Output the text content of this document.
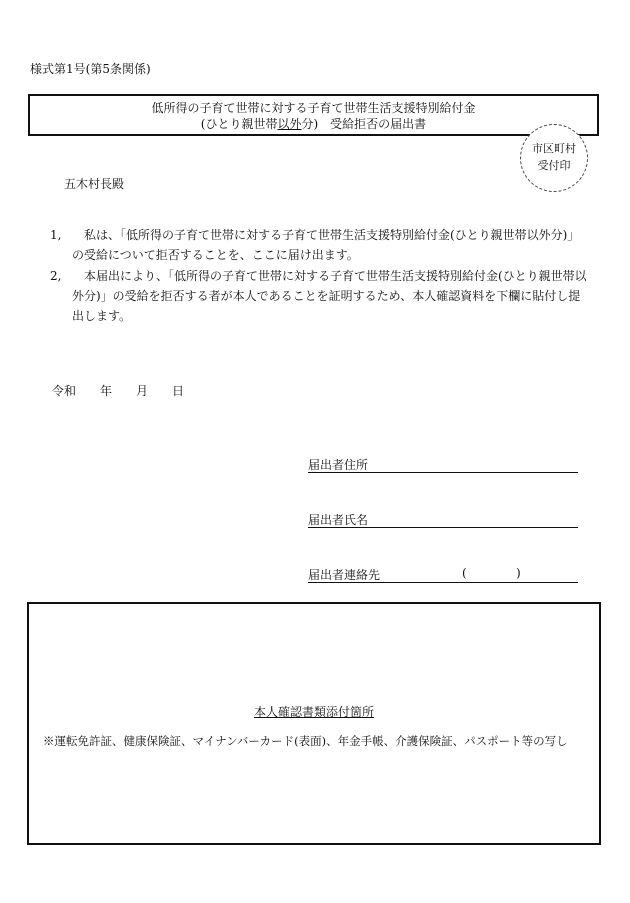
様式第1号(第5条関係)
低所得の子育て世帯に対する子育て世帯生活支援特別給付金
(ひとり親世帯以外分)　受給拒否の届出書
市区町村
受付印
五木村長殿
1,	私は、「低所得の子育て世帯に対する子育て世帯生活支援特別給付金(ひとり親世帯以外分)」の受給について拒否することを、ここに届け出ます。
2,	本届出により、「低所得の子育て世帯に対する子育て世帯生活支援特別給付金(ひとり親世帯以外分)」の受給を拒否する者が本人であることを証明するため、本人確認資料を下欄に貼付し提出します。
令和 年 月 日
届出者住所
届出者氏名
届出者連絡先	(	)
本人確認書類添付箇所
※運転免許証、健康保険証、マイナンバーカード(表面)、年金手帳、介護保険証、パスポート等の写し
